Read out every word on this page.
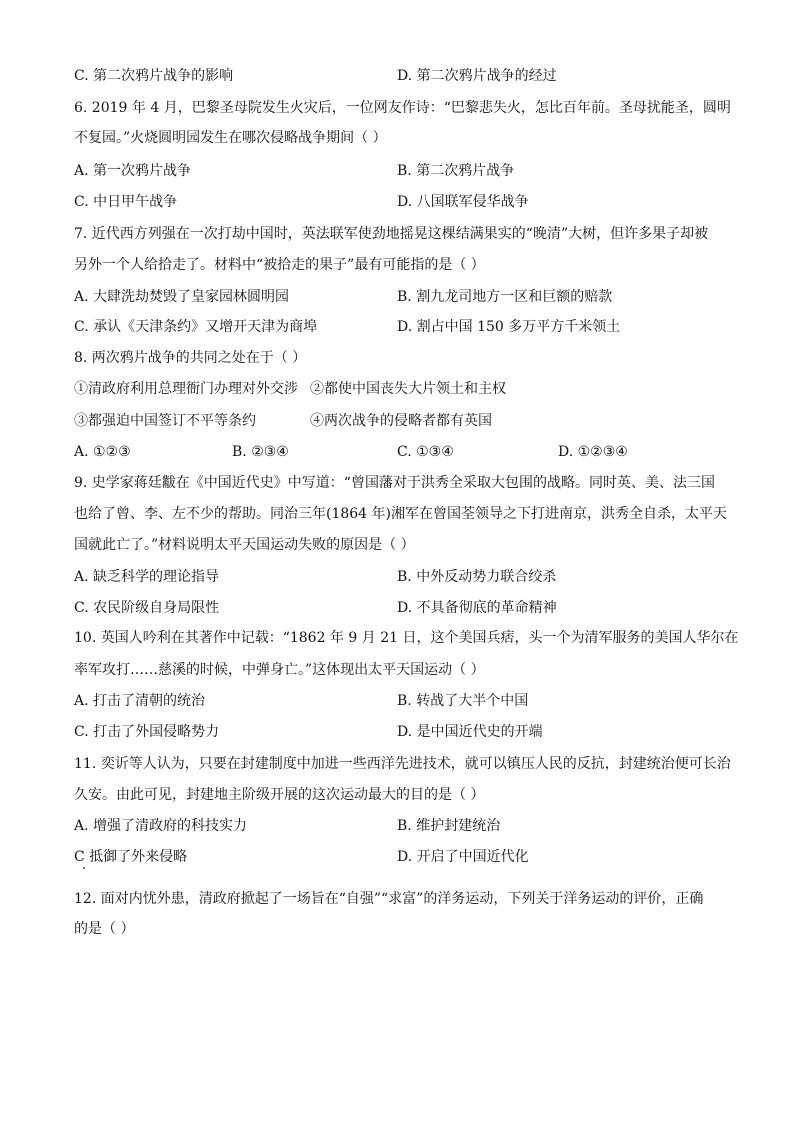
C. 第二次鸦片战争的影响	D. 第二次鸦片战争的经过
6. 2019 年 4 月，巴黎圣母院发生火灾后，一位网友作诗：“巴黎悲失火，怎比百年前。圣母扰能圣，圆明
不复园。”火烧圆明园发生在哪次侵略战争期间（ ）
A. 第一次鸦片战争	B. 第二次鸦片战争
C. 中日甲午战争	D. 八国联军侵华战争
7. 近代西方列强在一次打劫中国时，英法联军使劲地摇晃这棵结满果实的“晚清”大树，但许多果子却被
另外一个人给拾走了。材料中“被拾走的果子”最有可能指的是（ ）
A. 大肆洗劫焚毁了皇家园林圆明园	B. 割九龙司地方一区和巨额的赔款
C. 承认《天津条约》又增开天津为商埠	D. 割占中国 150 多万平方千米领土
8. 两次鸦片战争的共同之处在于（ ）
①清政府利用总理衙门办理对外交涉 ②都使中国丧失大片领土和主权
③都强迫中国签订不平等条约	④两次战争的侵略者都有英国
A. ①②③	B. ②③④	C. ①③④	D. ①②③④
9. 史学家蒋廷黻在《中国近代史》中写道：“曾国藩对于洪秀全采取大包围的战略。同时英、美、法三国
也给了曾、李、左不少的帮助。同治三年(1864 年)湘军在曾国荃领导之下打进南京，洪秀全自杀，太平天
国就此亡了。”材料说明太平天国运动失败的原因是（ ）
A. 缺乏科学的理论指导	B. 中外反动势力联合绞杀
C. 农民阶级自身局限性	D. 不具备彻底的革命精神
10. 英国人吟利在其著作中记载：“1862 年 9 月 21 日，这个美国兵痞，头一个为清军服务的美国人华尔在
率军攻打……慈溪的时候，中弹身亡。”这体现出太平天国运动（ ）
A. 打击了清朝的统治	B. 转战了大半个中国
C. 打击了外国侵略势力	D. 是中国近代史的开端
11. 奕䜣等人认为，只要在封建制度中加进一些西洋先进技术，就可以镇压人民的反抗，封建统治便可长治
久安。由此可见，封建地主阶级开展的这次运动最大的目的是（ ）
A. 增强了清政府的科技实力	B. 维护封建统治
C 抵御了外来侵略	D. 开启了中国近代化
12. 面对内忧外患，清政府掀起了一场旨在“自强”“求富”的洋务运动，下列关于洋务运动的评价，正确
的是（ ）
